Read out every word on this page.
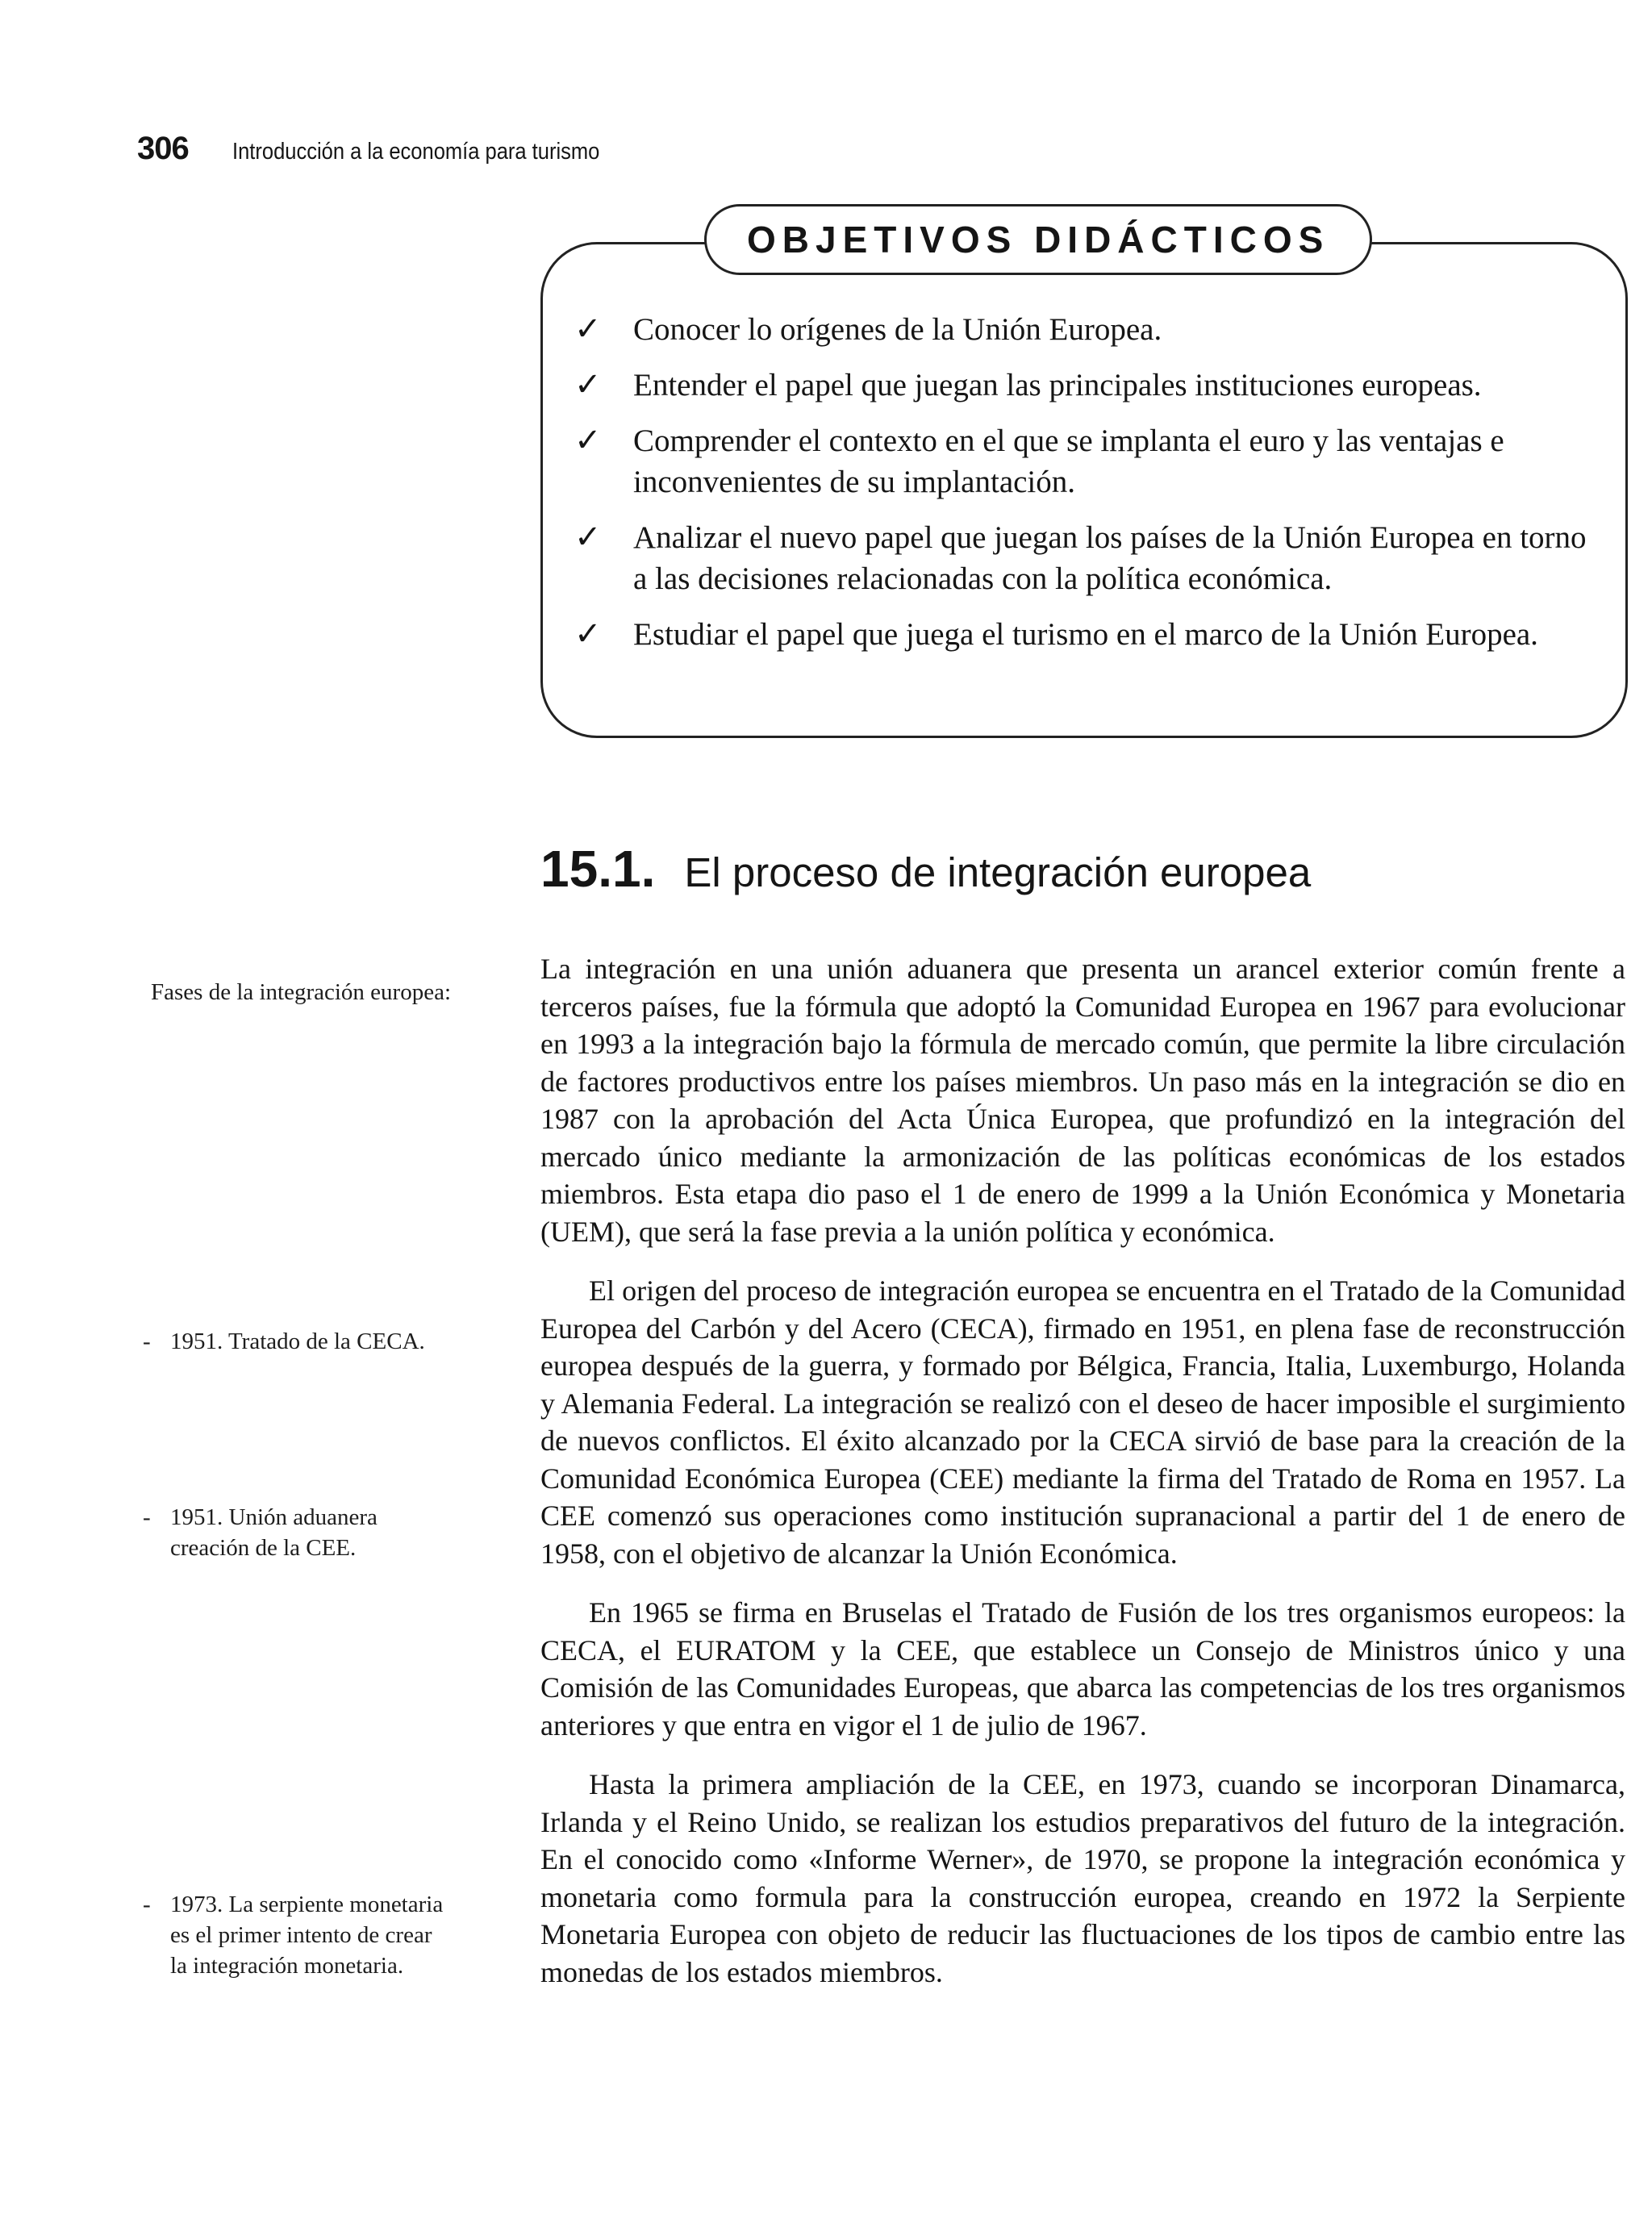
306 Introducción a la economía para turismo
OBJETIVOS DIDÁCTICOS
✓ Conocer lo orígenes de la Unión Europea.
✓ Entender el papel que juegan las principales instituciones europeas.
✓ Comprender el contexto en el que se implanta el euro y las ventajas e inconvenientes de su implantación.
✓ Analizar el nuevo papel que juegan los países de la Unión Europea en torno a las decisiones relacionadas con la política económica.
✓ Estudiar el papel que juega el turismo en el marco de la Unión Europea.
15.1. El proceso de integración europea
Fases de la integración europea:
- 1951. Tratado de la CECA.
- 1951. Unión aduanera creación de la CEE.
- 1973. La serpiente monetaria es el primer intento de crear la integración monetaria.

La integración en una unión aduanera que presenta un arancel exterior común frente a terceros países, fue la fórmula que adoptó la Comunidad Europea en 1967 para evolucionar en 1993 a la integración bajo la fórmula de mercado común, que permite la libre circulación de factores productivos entre los países miembros. Un paso más en la integración se dio en 1987 con la aprobación del Acta Única Europea, que profundizó en la integración del mercado único mediante la armonización de las políticas económicas de los estados miembros. Esta etapa dio paso el 1 de enero de 1999 a la Unión Económica y Monetaria (UEM), que será la fase previa a la unión política y económica.

El origen del proceso de integración europea se encuentra en el Tratado de la Comunidad Europea del Carbón y del Acero (CECA), firmado en 1951, en plena fase de reconstrucción europea después de la guerra, y formado por Bélgica, Francia, Italia, Luxemburgo, Holanda y Alemania Federal. La integración se realizó con el deseo de hacer imposible el surgimiento de nuevos conflictos. El éxito alcanzado por la CECA sirvió de base para la creación de la Comunidad Económica Europea (CEE) mediante la firma del Tratado de Roma en 1957. La CEE comenzó sus operaciones como institución supranacional a partir del 1 de enero de 1958, con el objetivo de alcanzar la Unión Económica.

En 1965 se firma en Bruselas el Tratado de Fusión de los tres organismos europeos: la CECA, el EURATOM y la CEE, que establece un Consejo de Ministros único y una Comisión de las Comunidades Europeas, que abarca las competencias de los tres organismos anteriores y que entra en vigor el 1 de julio de 1967.

Hasta la primera ampliación de la CEE, en 1973, cuando se incorporan Dinamarca, Irlanda y el Reino Unido, se realizan los estudios preparativos del futuro de la integración. En el conocido como «Informe Werner», de 1970, se propone la integración económica y monetaria como formula para la construcción europea, creando en 1972 la Serpiente Monetaria Europea con objeto de reducir las fluctuaciones de los tipos de cambio entre las monedas de los estados miembros.
